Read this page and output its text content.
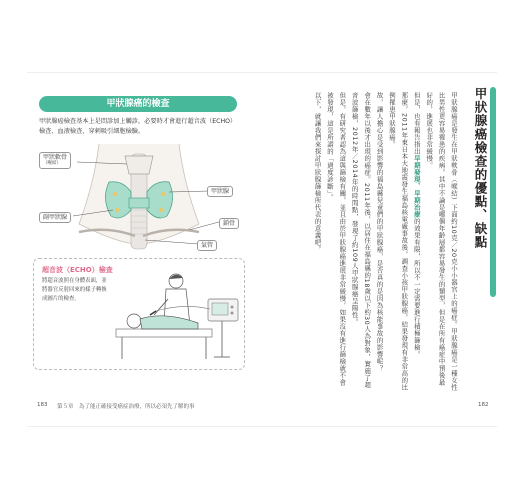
甲狀腺癌的檢查
甲狀腺癌檢查基本上是問診加上觸診，必要時才會進行超音波（ECHO）檢查、血液檢查、穿刺吸引細胞檢驗。
甲狀軟骨
（喉結）
甲狀腺
鎖骨
副甲狀腺
氣管
超音波（ECHO）檢查
將超音波照在身體表面，並將器官反射回來的樣子轉換成圖片的檢查。
183 第５章　為了能正確接受癌症治療，所以必須先了解的事
甲狀腺癌檢查的優點、缺點

甲狀腺癌是發生在甲狀軟骨（喉結）下面約10克／20克小小器官上的癌症。甲狀腺癌是一種女性比男性更容易罹患的疾病。其中不論是哪個年齡層都容易發生的類型，但是在所有癌症中預後最好的，進展也非常緩慢。

但是，也有報告指出早期發現、早期治療的效果有限，所以不一定需要進行積極篩檢。

那麼，2011年東日本大地震發生福島核電廠事故後，調查小孩甲狀腺癌，結果發現有非常高的比例罹患甲狀腺癌。

故，讓人擔心是受到影響的福島縣兒童們的甲狀腺癌，是否真的是因為核能事故的影響呢？

會在數年以後才出現的癌症。2011年後，以居住在福島縣的18歲以下約30人為對象，實施了超音波篩檢，2012年／2014年的時間點，發現了約109人甲狀腺癌呈陽性。

但是，有研究者認為這與篩檢有關，並且由於甲狀腺癌進展非常緩慢，如果沒有進行篩檢就不會被發現，這是所謂的「過度診斷」。

以下，就讓我們來探討甲狀腺篩檢所代表的意義吧。

182
